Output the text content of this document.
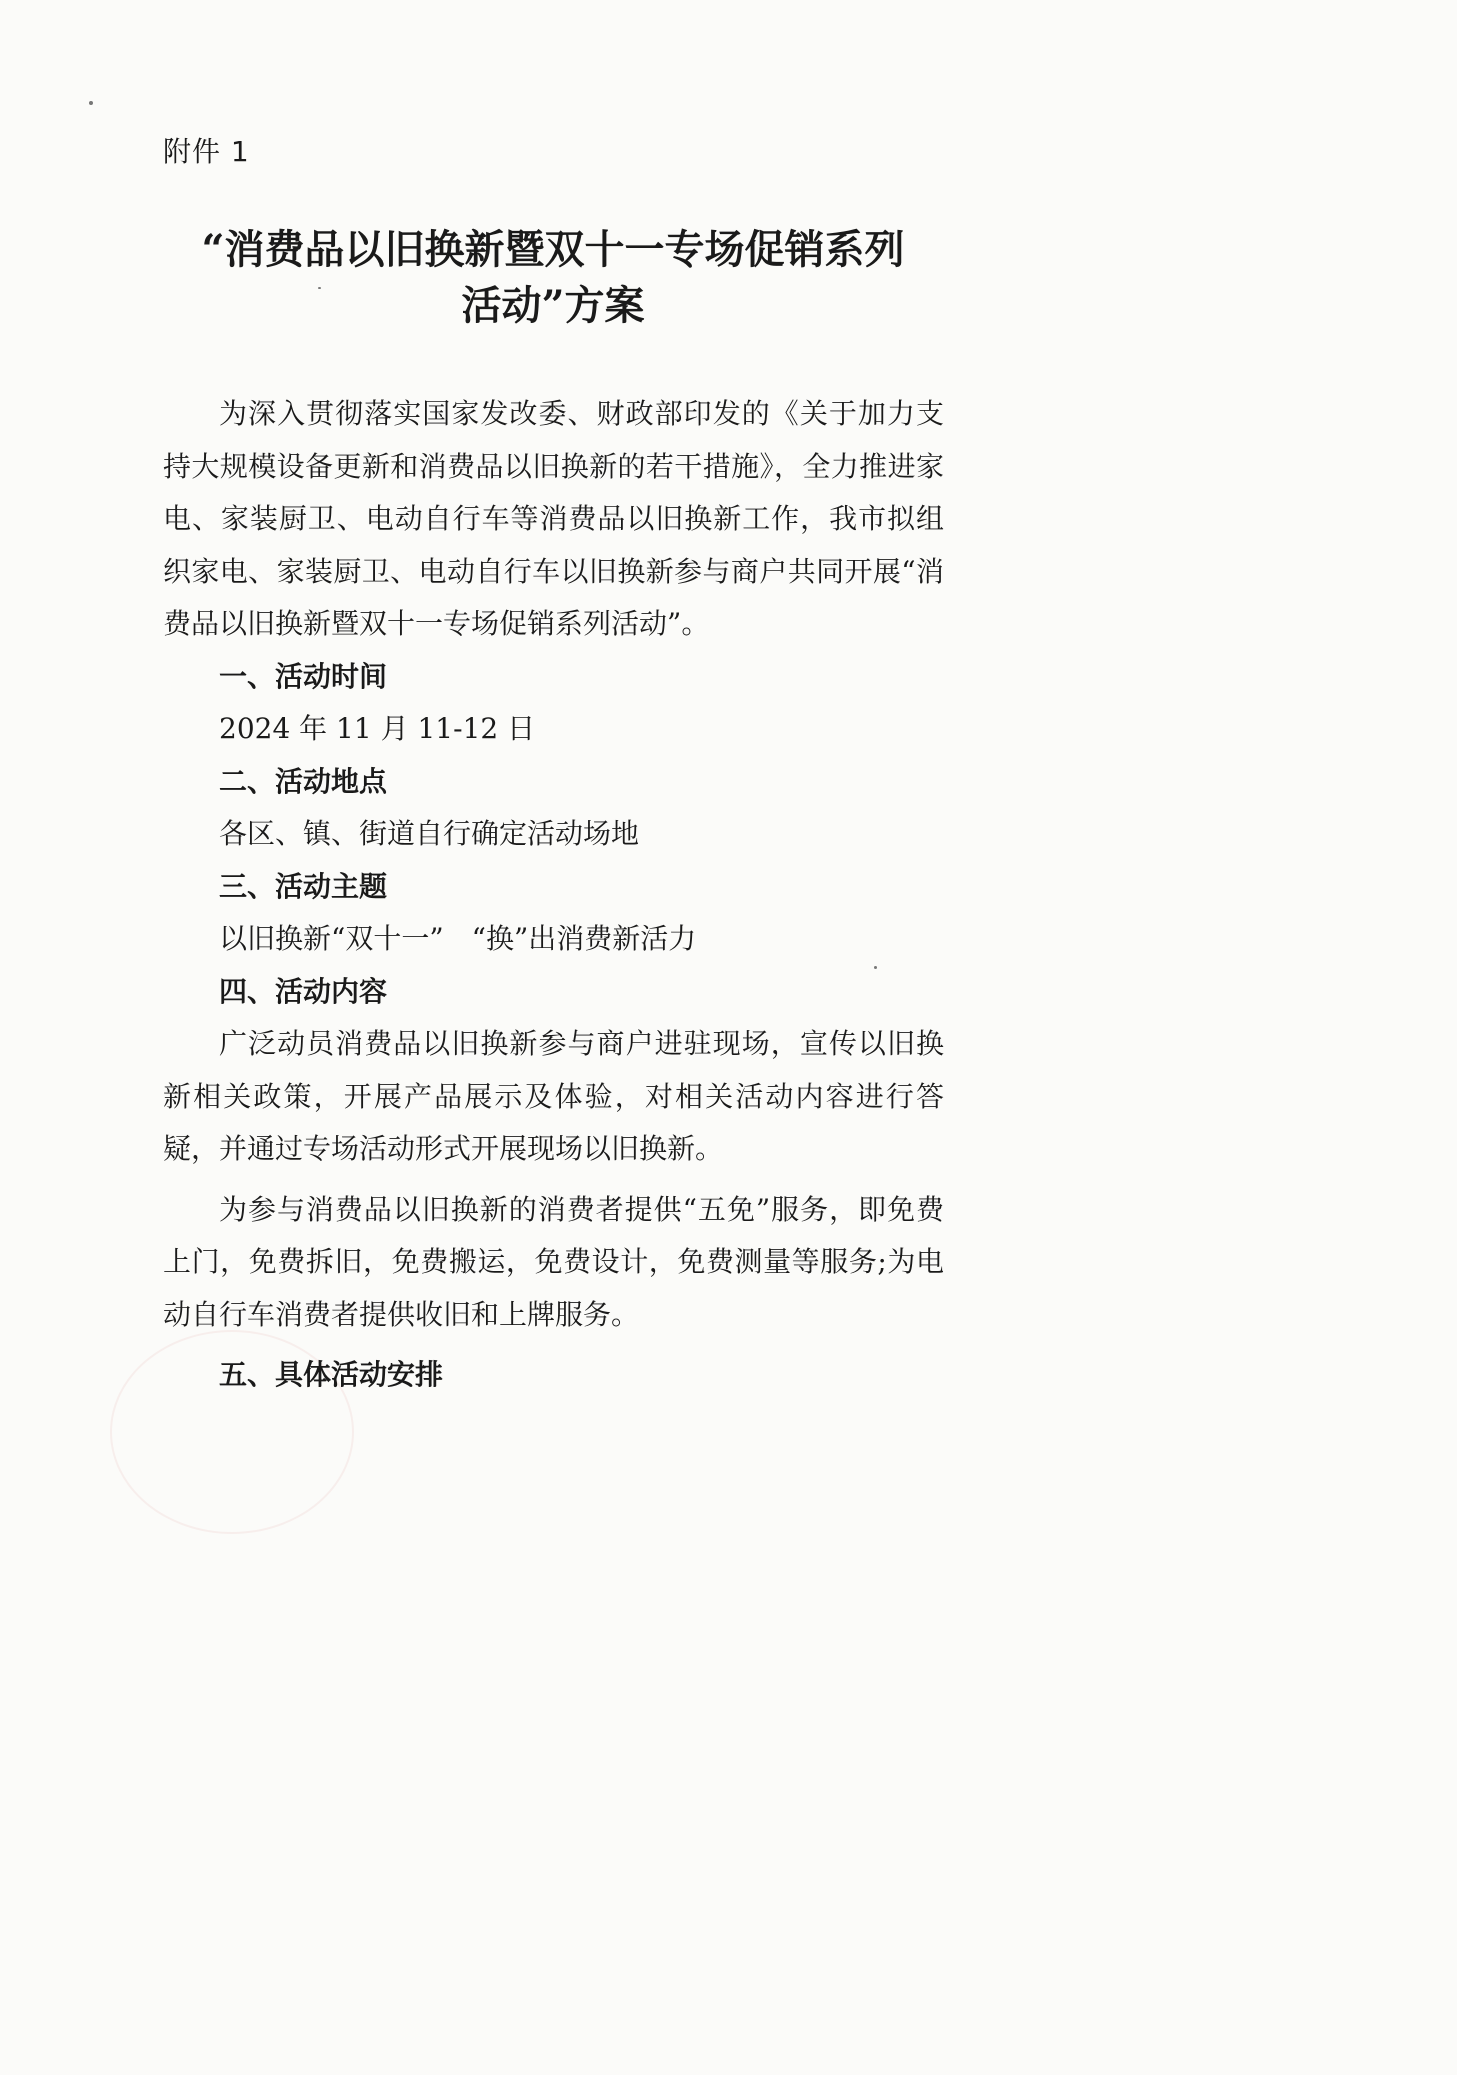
附件 1
“消费品以旧换新暨双十一专场促销系列
活动”方案

为深入贯彻落实国家发改委、财政部印发的《关于加力支持大规模设备更新和消费品以旧换新的若干措施》，全力推进家电、家装厨卫、电动自行车等消费品以旧换新工作，我市拟组织家电、家装厨卫、电动自行车以旧换新参与商户共同开展“消费品以旧换新暨双十一专场促销系列活动”。

一、活动时间

2024 年 11 月 11-12 日

二、活动地点

各区、镇、街道自行确定活动场地

三、活动主题

以旧换新“双十一”　“换”出消费新活力

四、活动内容

广泛动员消费品以旧换新参与商户进驻现场，宣传以旧换新相关政策，开展产品展示及体验，对相关活动内容进行答疑，并通过专场活动形式开展现场以旧换新。

为参与消费品以旧换新的消费者提供“五免”服务，即免费上门，免费拆旧，免费搬运，免费设计，免费测量等服务;为电动自行车消费者提供收旧和上牌服务。

五、具体活动安排
